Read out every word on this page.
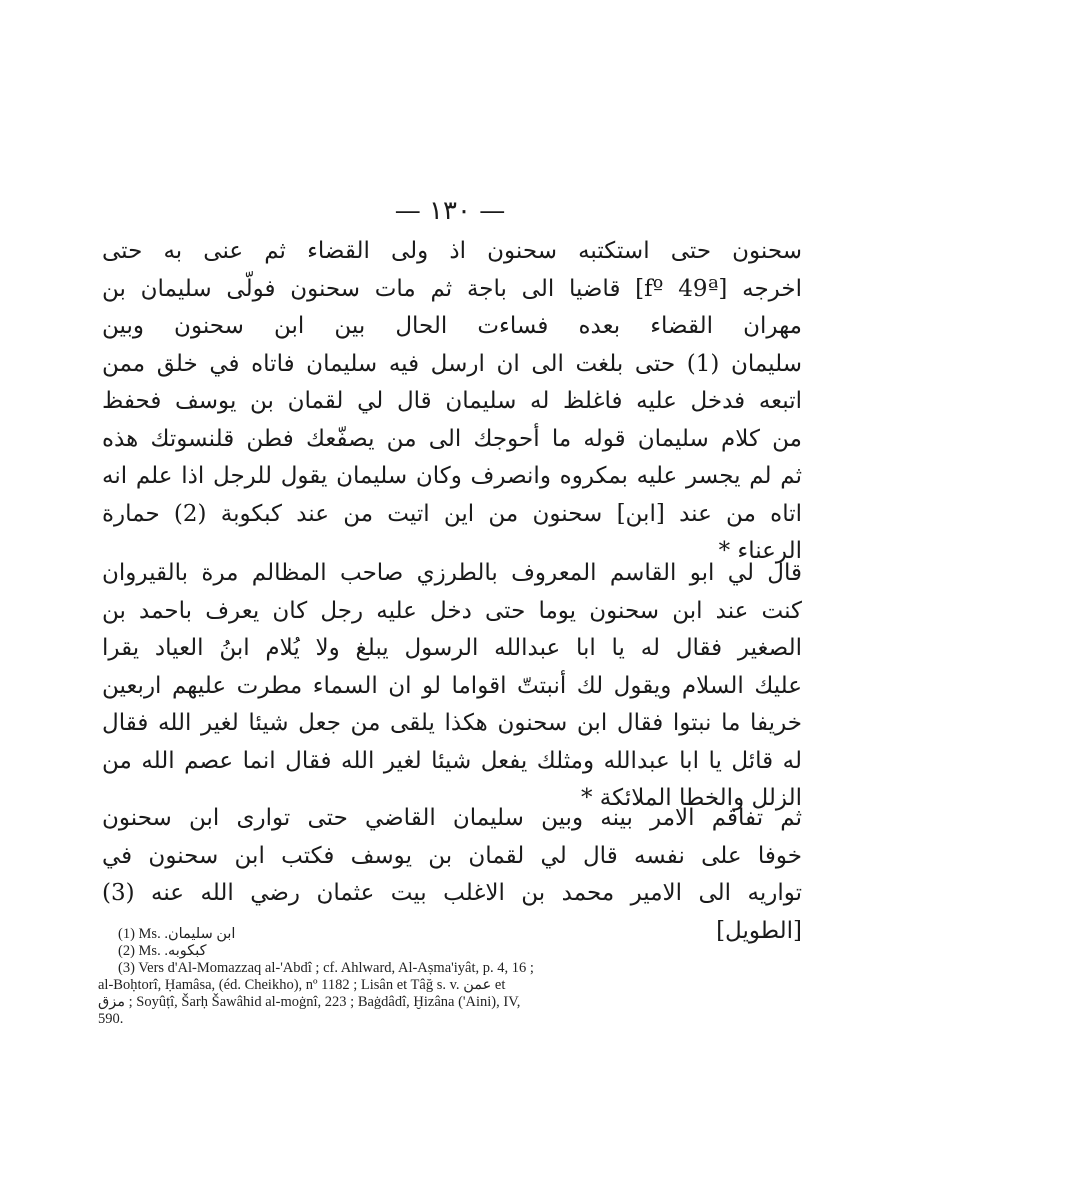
— ١٣٠ —
سحنون حتى استكتبه سحنون اذ ولى القضاء ثم عنى به حتى
اخرجه [fº 49ª] قاضيا الى باجة ثم مات سحنون فولّى سليمان بن
مهران القضاء بعده فساءت الحال بين ابن سحنون وبين
سليمان (1) حتى بلغت الى ان ارسل فيه سليمان فاتاه في خلق ممن
اتبعه فدخل عليه فاغلظ له سليمان قال لي لقمان بن يوسف فحفظ
من كلام سليمان قوله ما أحوجك الى من يصفّعك فطن قلنسوتك هذه
ثم لم يجسر عليه بمكروه وانصرف وكان سليمان يقول للرجل اذا علم انه
اتاه من عند [ابن] سحنون من اين اتيت من عند كبكوبة (2) حمارة
الرعناء *
قال لي ابو القاسم المعروف بالطرزي صاحب المظالم مرة بالقيروان
كنت عند ابن سحنون يوما حتى دخل عليه رجل كان يعرف باحمد بن
الصغير فقال له يا ابا عبدالله الرسول يبلغ ولا يُلام ابنُ العياد يقرا
عليك السلام ويقول لك أنبتتّ اقواما لو ان السماء مطرت عليهم اربعين
خريفا ما نبتوا فقال ابن سحنون هكذا يلقى من جعل شيئا لغير الله فقال
له قائل يا ابا عبدالله ومثلك يفعل شيئا لغير الله فقال انما عصم الله من
الزلل والخطا الملائكة *
ثم تفاقم الامر بينه وبين سليمان القاضي حتى توارى ابن سحنون
خوفا على نفسه قال لي لقمان بن يوسف فكتب ابن سحنون في
تواريه الى الامير محمد بن الاغلب بيت عثمان رضي الله عنه (3)
[الطويل]
(1) Ms. ابن سليمان.
(2) Ms. كبكوبه.
(3) Vers d'Al-Momazzaq al-'Abdî ; cf. Ahlward, Al-Aṣma'iyât, p. 4, 16 ;
al-Boḥtorî, Ḥamâsa, (éd. Cheikho), nº 1182 ; Lisân et Tâğ s. v. عمن et
مزق ; Soyûṭî, Šarḥ Šawâhid al-moġnî, 223 ; Baġdâdî, Ḫizâna ('Aini), IV,
590.
